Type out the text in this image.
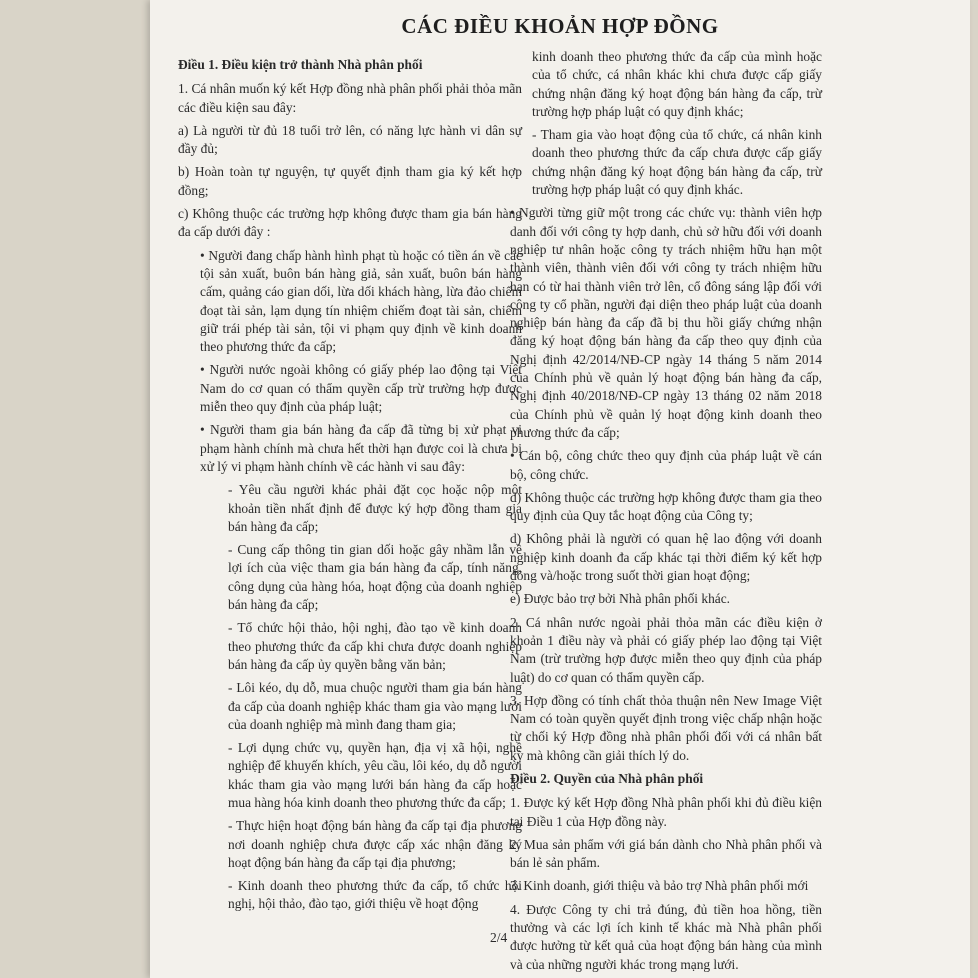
CÁC ĐIỀU KHOẢN HỢP ĐỒNG

Điều 1. Điều kiện trở thành Nhà phân phối

1. Cá nhân muốn ký kết Hợp đồng nhà phân phối phải thỏa mãn các điều kiện sau đây:

a) Là người từ đủ 18 tuổi trở lên, có năng lực hành vi dân sự đầy đủ;

b) Hoàn toàn tự nguyện, tự quyết định tham gia ký kết hợp đồng;

c) Không thuộc các trường hợp không được tham gia bán hàng đa cấp dưới đây :

• Người đang chấp hành hình phạt tù hoặc có tiền án về các tội sản xuất, buôn bán hàng giả, sản xuất, buôn bán hàng cấm, quảng cáo gian dối, lừa dối khách hàng, lừa đảo chiếm đoạt tài sản, lạm dụng tín nhiệm chiếm đoạt tài sản, chiếm giữ trái phép tài sản, tội vi phạm quy định về kinh doanh theo phương thức đa cấp;

• Người nước ngoài không có giấy phép lao động tại Việt Nam do cơ quan có thẩm quyền cấp trừ trường hợp được miễn theo quy định của pháp luật;

• Người tham gia bán hàng đa cấp đã từng bị xử phạt vi phạm hành chính mà chưa hết thời hạn được coi là chưa bị xử lý vi phạm hành chính về các hành vi sau đây:

- Yêu cầu người khác phải đặt cọc hoặc nộp một khoản tiền nhất định để được ký hợp đồng tham gia bán hàng đa cấp;

- Cung cấp thông tin gian dối hoặc gây nhầm lẫn về lợi ích của việc tham gia bán hàng đa cấp, tính năng, công dụng của hàng hóa, hoạt động của doanh nghiệp bán hàng đa cấp;

- Tổ chức hội thảo, hội nghị, đào tạo về kinh doanh theo phương thức đa cấp khi chưa được doanh nghiệp bán hàng đa cấp ủy quyền bằng văn bản;

- Lôi kéo, dụ dỗ, mua chuộc người tham gia bán hàng đa cấp của doanh nghiệp khác tham gia vào mạng lưới của doanh nghiệp mà mình đang tham gia;

- Lợi dụng chức vụ, quyền hạn, địa vị xã hội, nghề nghiệp để khuyến khích, yêu cầu, lôi kéo, dụ dỗ người khác tham gia vào mạng lưới bán hàng đa cấp hoặc mua hàng hóa kinh doanh theo phương thức đa cấp;

- Thực hiện hoạt động bán hàng đa cấp tại địa phương nơi doanh nghiệp chưa được cấp xác nhận đăng ký hoạt động bán hàng đa cấp tại địa phương;

- Kinh doanh theo phương thức đa cấp, tổ chức hội nghị, hội thảo, đào tạo, giới thiệu về hoạt động

kinh doanh theo phương thức đa cấp của mình hoặc của tổ chức, cá nhân khác khi chưa được cấp giấy chứng nhận đăng ký hoạt động bán hàng đa cấp, trừ trường hợp pháp luật có quy định khác;

- Tham gia vào hoạt động của tổ chức, cá nhân kinh doanh theo phương thức đa cấp chưa được cấp giấy chứng nhận đăng ký hoạt động bán hàng đa cấp, trừ trường hợp pháp luật có quy định khác.

• Người từng giữ một trong các chức vụ: thành viên hợp danh đối với công ty hợp danh, chủ sở hữu đối với doanh nghiệp tư nhân hoặc công ty trách nhiệm hữu hạn một thành viên, thành viên đối với công ty trách nhiệm hữu hạn có từ hai thành viên trở lên, cổ đông sáng lập đối với công ty cổ phần, người đại diện theo pháp luật của doanh nghiệp bán hàng đa cấp đã bị thu hồi giấy chứng nhận đăng ký hoạt động bán hàng đa cấp theo quy định của Nghị định 42/2014/NĐ-CP ngày 14 tháng 5 năm 2014 của Chính phủ về quản lý hoạt động bán hàng đa cấp, Nghị định 40/2018/NĐ-CP ngày 13 tháng 02 năm 2018 của Chính phủ về quản lý hoạt động kinh doanh theo phương thức đa cấp;

• Cán bộ, công chức theo quy định của pháp luật về cán bộ, công chức.

d) Không thuộc các trường hợp không được tham gia theo quy định của Quy tắc hoạt động của Công ty;

d) Không phải là người có quan hệ lao động với doanh nghiệp kinh doanh đa cấp khác tại thời điểm ký kết hợp đồng và/hoặc trong suốt thời gian hoạt động;

e) Được bảo trợ bởi Nhà phân phối khác.

2. Cá nhân nước ngoài phải thỏa mãn các điều kiện ở khoản 1 điều này và phải có giấy phép lao động tại Việt Nam (trừ trường hợp được miễn theo quy định của pháp luật) do cơ quan có thẩm quyền cấp.

3. Hợp đồng có tính chất thỏa thuận nên New Image Việt Nam có toàn quyền quyết định trong việc chấp nhận hoặc từ chối ký Hợp đồng nhà phân phối đối với cá nhân bất kỳ mà không cần giải thích lý do.

Điều 2. Quyền của Nhà phân phối

1. Được ký kết Hợp đồng Nhà phân phối khi đủ điều kiện tại Điều 1 của Hợp đồng này.

2. Mua sản phẩm với giá bán dành cho Nhà phân phối và bán lẻ sản phẩm.

3. Kinh doanh, giới thiệu và bảo trợ Nhà phân phối mới

4. Được Công ty chi trả đúng, đủ tiền hoa hồng, tiền thưởng và các lợi ích kinh tế khác mà Nhà phân phối được hưởng từ kết quả của hoạt động bán hàng của mình và của những người khác trong mạng lưới.

2/4
